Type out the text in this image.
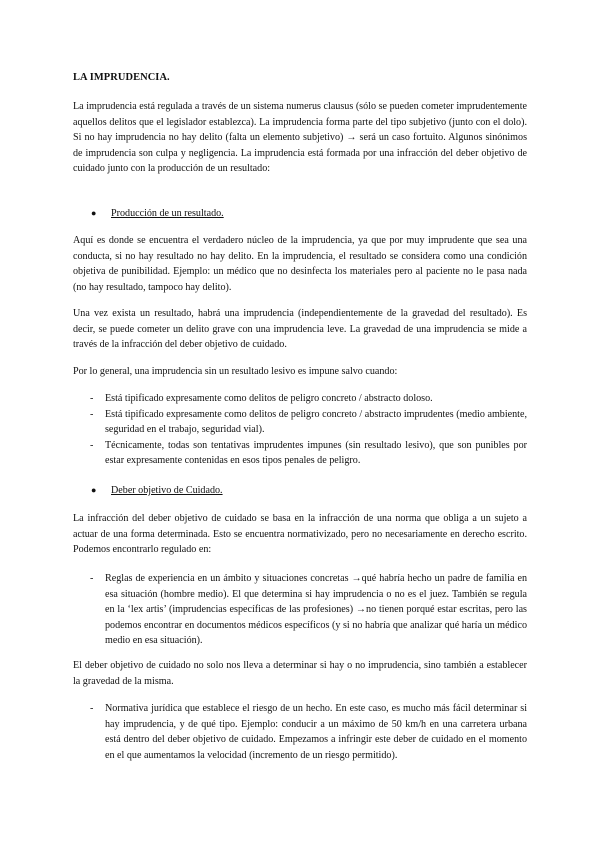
LA IMPRUDENCIA.

La imprudencia está regulada a través de un sistema numerus clausus (sólo se pueden cometer imprudentemente aquellos delitos que el legislador establezca). La imprudencia forma parte del tipo subjetivo (junto con el dolo). Si no hay imprudencia no hay delito (falta un elemento subjetivo) → será un caso fortuito. Algunos sinónimos de imprudencia son culpa y negligencia. La imprudencia está formada por una infracción del deber objetivo de cuidado junto con la producción de un resultado:

●	Producción de un resultado.

Aquí es donde se encuentra el verdadero núcleo de la imprudencia, ya que por muy imprudente que sea una conducta, si no hay resultado no hay delito. En la imprudencia, el resultado se considera como una condición objetiva de punibilidad. Ejemplo: un médico que no desinfecta los materiales pero al paciente no le pasa nada (no hay resultado, tampoco hay delito).

Una vez exista un resultado, habrá una imprudencia (independientemente de la gravedad del resultado). Es decir, se puede cometer un delito grave con una imprudencia leve. La gravedad de una imprudencia se mide a través de la infracción del deber objetivo de cuidado.

Por lo general, una imprudencia sin un resultado lesivo es impune salvo cuando:

- Está tipificado expresamente como delitos de peligro concreto / abstracto doloso.
- Está tipificado expresamente como delitos de peligro concreto / abstracto imprudentes (medio ambiente, seguridad en el trabajo, seguridad vial).
- Técnicamente, todas son tentativas imprudentes impunes (sin resultado lesivo), que son punibles por estar expresamente contenidas en esos tipos penales de peligro.
●	Deber objetivo de Cuidado.

La infracción del deber objetivo de cuidado se basa en la infracción de una norma que obliga a un sujeto a actuar de una forma determinada. Esto se encuentra normativizado, pero no necesariamente en derecho escrito. Podemos encontrarlo regulado en:

- Reglas de experiencia en un ámbito y situaciones concretas →qué habría hecho un padre de familia en esa situación (hombre medio). El que determina si hay imprudencia o no es el juez. También se regula en la ‘lex artis’ (imprudencias específicas de las profesiones) →no tienen porqué estar escritas, pero las podemos encontrar en documentos médicos específicos (y si no habría que analizar qué haría un médico medio en esa situación).

El deber objetivo de cuidado no solo nos lleva a determinar si hay o no imprudencia, sino también a establecer la gravedad de la misma.

- Normativa jurídica que establece el riesgo de un hecho. En este caso, es mucho más fácil determinar si hay imprudencia, y de qué tipo. Ejemplo: conducir a un máximo de 50 km/h en una carretera urbana está dentro del deber objetivo de cuidado. Empezamos a infringir este deber de cuidado en el momento en el que aumentamos la velocidad (incremento de un riesgo permitido).
